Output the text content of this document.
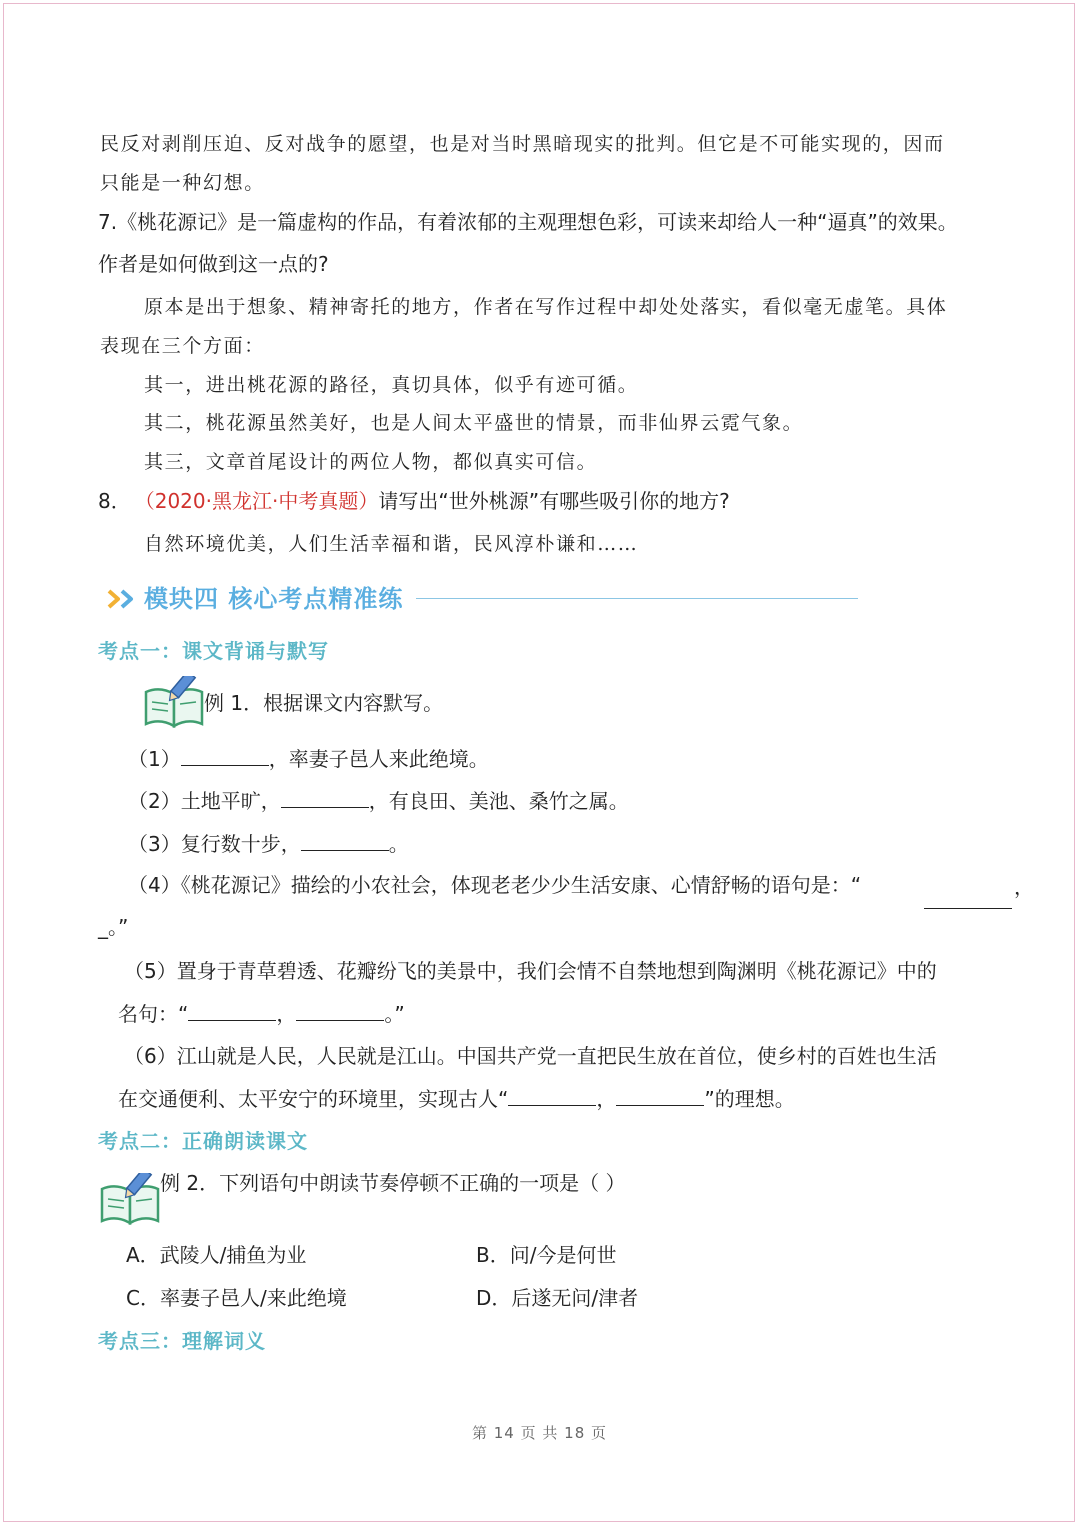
民反对剥削压迫、反对战争的愿望，也是对当时黑暗现实的批判。但它是不可能实现的，因而
只能是一种幻想。
7.《桃花源记》是一篇虚构的作品，有着浓郁的主观理想色彩，可读来却给人一种“逼真”的效果。
作者是如何做到这一点的?
原本是出于想象、精神寄托的地方，作者在写作过程中却处处落实，看似毫无虚笔。具体
表现在三个方面：
其一，进出桃花源的路径，真切具体，似乎有迹可循。
其二，桃花源虽然美好，也是人间太平盛世的情景，而非仙界云霓气象。
其三，文章首尾设计的两位人物，都似真实可信。
8． （2020·黑龙江·中考真题）请写出“世外桃源”有哪些吸引你的地方?
自然环境优美，人们生活幸福和谐，民风淳朴谦和……
模块四 核心考点精准练
考点一：课文背诵与默写
例 1．根据课文内容默写。
（1）	，率妻子邑人来此绝境。
（2）土地平旷，	，有良田、美池、桑竹之属。
（3）复行数十步，	。
（4）《桃花源记》描绘的小农社会，体现老老少少生活安康、心情舒畅的语句是：“	，
_。”
（5）置身于青草碧透、花瓣纷飞的美景中，我们会情不自禁地想到陶渊明《桃花源记》中的
名句：“	，	。”
（6）江山就是人民，人民就是江山。中国共产党一直把民生放在首位，使乡村的百姓也生活
在交通便利、太平安宁的环境里，实现古人“	，	”的理想。
考点二：正确朗读课文
例 2．下列语句中朗读节奏停顿不正确的一项是（ ）
A．武陵人/捕鱼为业	B．问/今是何世
C．率妻子邑人/来此绝境	D．后遂无问/津者
考点三：理解词义
第 14 页 共 18 页
